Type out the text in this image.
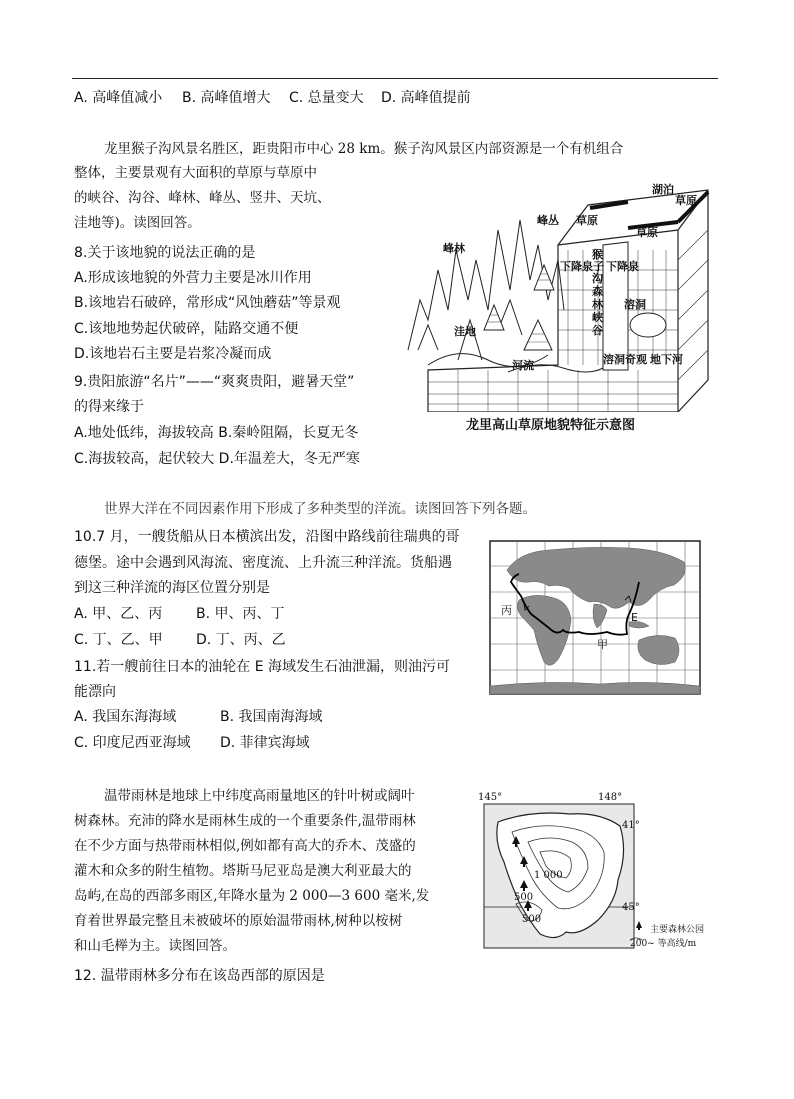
A. 高峰值减小 B. 高峰值增大 C. 总量变大 D. 高峰值提前
龙里猴子沟风景名胜区，距贵阳市中心 28 km。猴子沟风景区内部资源是一个有机组合
整体，主要景观有大面积的草原与草原中
的峡谷、沟谷、峰林、峰丛、竖井、天坑、
洼地等)。读图回答。
8.关于该地貌的说法正确的是
A.形成该地貌的外营力主要是冰川作用
B.该地岩石破碎，常形成“风蚀蘑菇”等景观
C.该地地势起伏破碎，陆路交通不便
D.该地岩石主要是岩浆冷凝而成
9.贵阳旅游“名片”——“爽爽贵阳，避暑天堂”
的得来缘于
A.地处低纬，海拔较高 B.秦岭阻隔，长夏无冬
C.海拔较高，起伏较大 D.年温差大，冬无严寒
湖泊
草原
峰丛 草原
草原
峰林	猴
下降泉 子 下降泉
沟
森
林
峡
谷
溶洞
洼地
河流	溶洞奇观 地下河
龙里高山草原地貌特征示意图
世界大洋在不同因素作用下形成了多种类型的洋流。读图回答下列各题。
10.7 月，一艘货船从日本横滨出发，沿图中路线前往瑞典的哥
德堡。途中会遇到风海流、密度流、上升流三种洋流。货船遇
到这三种洋流的海区位置分别是
A. 甲、乙、丙 B. 甲、丙、丁
C. 丁、乙、甲 D. 丁、丙、乙
11.若一艘前往日本的油轮在 E 海域发生石油泄漏，则油污可
能漂向
A. 我国东海海域	B. 我国南海海域
C. 印度尼西亚海域 D. 菲律宾海域
丙
甲
E
温带雨林是地球上中纬度高雨量地区的针叶树或阔叶
树森林。充沛的降水是雨林生成的一个重要条件,温带雨林
在不少方面与热带雨林相似,例如都有高大的乔木、茂盛的
灌木和众多的附生植物。塔斯马尼亚岛是澳大利亚最大的
岛屿,在岛的西部多雨区,年降水量为 2 000—3 600 毫米,发
育着世界最完整且未被破坏的原始温带雨林,树种以桉树
和山毛榉为主。读图回答。
12. 温带雨林多分布在该岛西部的原因是
145°	148°
41°
45°
1 000
500
500
主要森林公园
200~ 等高线/m
